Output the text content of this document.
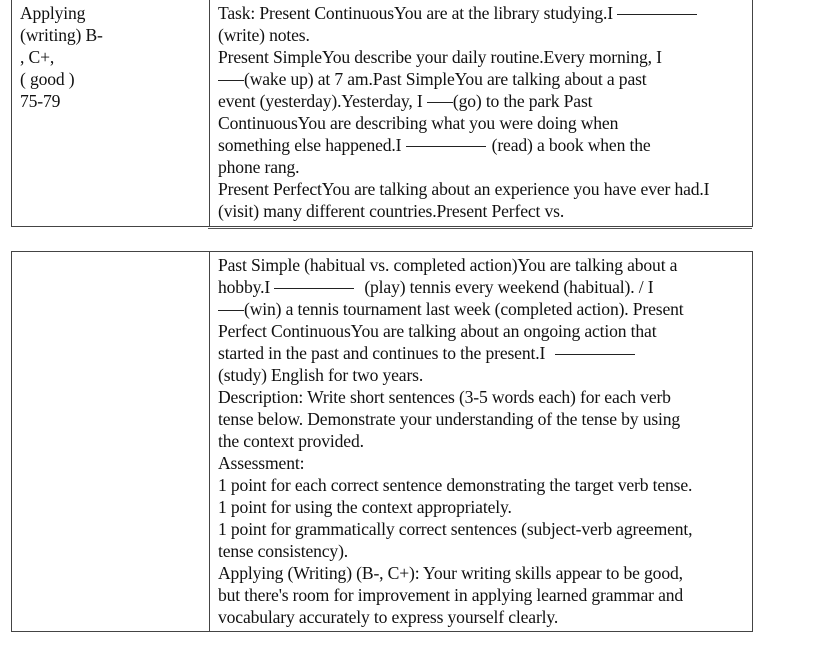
Applying
(writing) B-
, C+,
( good )
75-79
Task: Present ContinuousYou are at the library studying.I
(write) notes.
Present SimpleYou describe your daily routine.Every morning, I
(wake up) at 7 am.Past SimpleYou are talking about a past
event (yesterday).Yesterday, I (go) to the park Past
ContinuousYou are describing what you were doing when
something else happened.I	(read) a book when the
phone rang.
Present PerfectYou are talking about an experience you have ever had.I
(visit) many different countries.Present Perfect vs.
Past Simple (habitual vs. completed action)You are talking about a
hobby.I	(play) tennis every weekend (habitual). / I
(win) a tennis tournament last week (completed action). Present
Perfect ContinuousYou are talking about an ongoing action that
started in the past and continues to the present.I
(study) English for two years.
Description: Write short sentences (3-5 words each) for each verb
tense below. Demonstrate your understanding of the tense by using
the context provided.
Assessment:
1 point for each correct sentence demonstrating the target verb tense.
1 point for using the context appropriately.
1 point for grammatically correct sentences (subject-verb agreement,
tense consistency).
Applying (Writing) (B-, C+): Your writing skills appear to be good,
but there's room for improvement in applying learned grammar and
vocabulary accurately to express yourself clearly.
